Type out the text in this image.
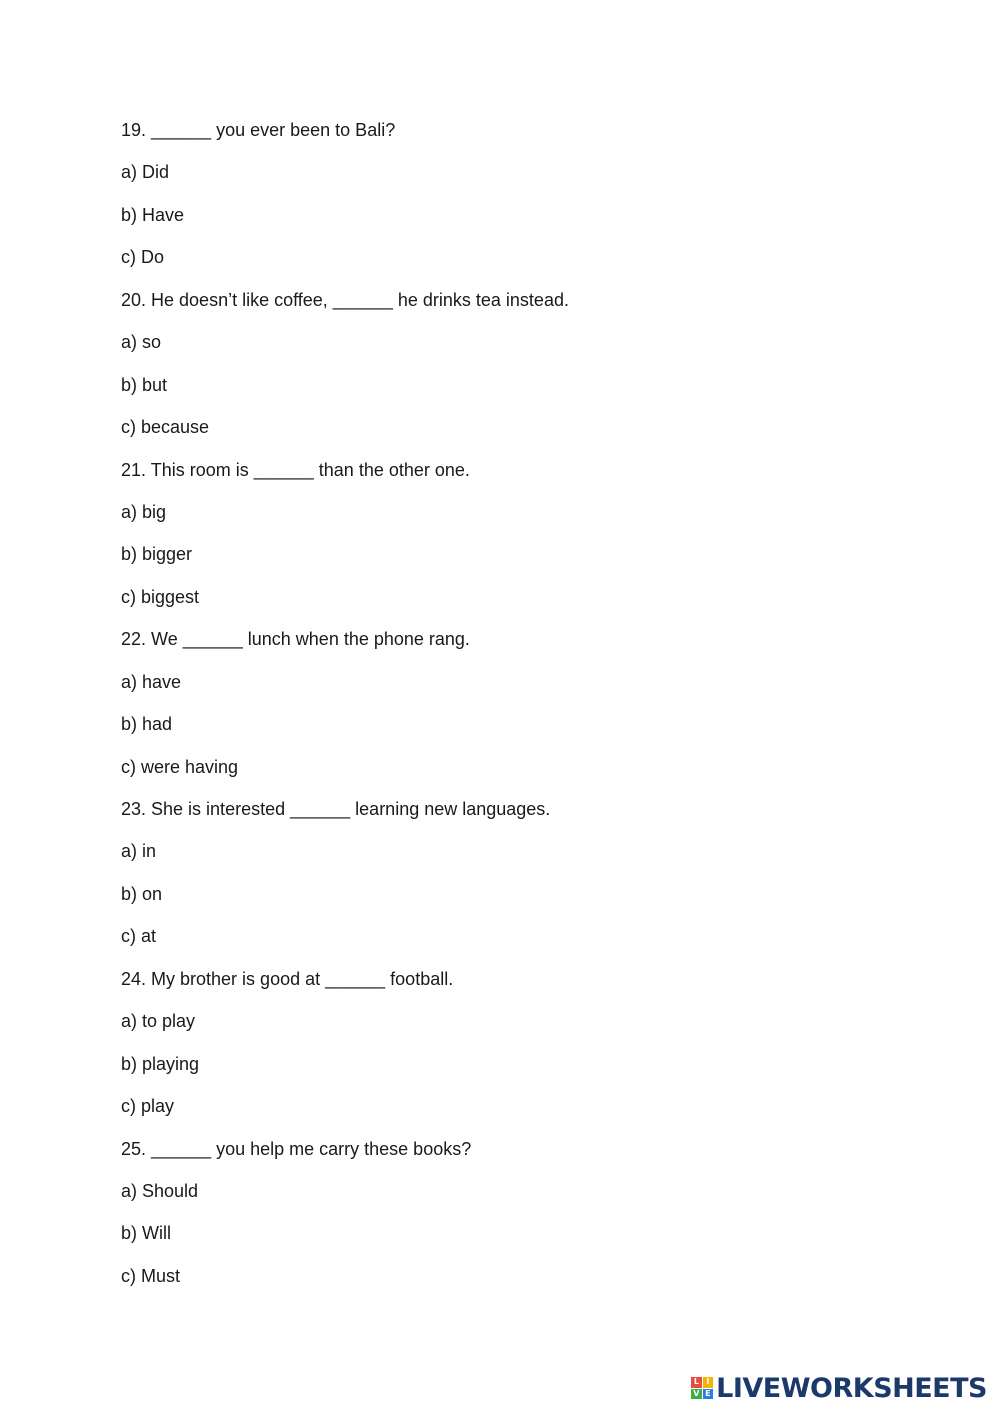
19. ______ you ever been to Bali?
a) Did
b) Have
c) Do
20. He doesn’t like coffee, ______ he drinks tea instead.
a) so
b) but
c) because
21. This room is ______ than the other one.
a) big
b) bigger
c) biggest
22. We ______ lunch when the phone rang.
a) have
b) had
c) were having
23. She is interested ______ learning new languages.
a) in
b) on
c) at
24. My brother is good at ______ football.
a) to play
b) playing
c) play
25. ______ you help me carry these books?
a) Should
b) Will
c) Must
L I
V E LIVEWORKSHEETS
